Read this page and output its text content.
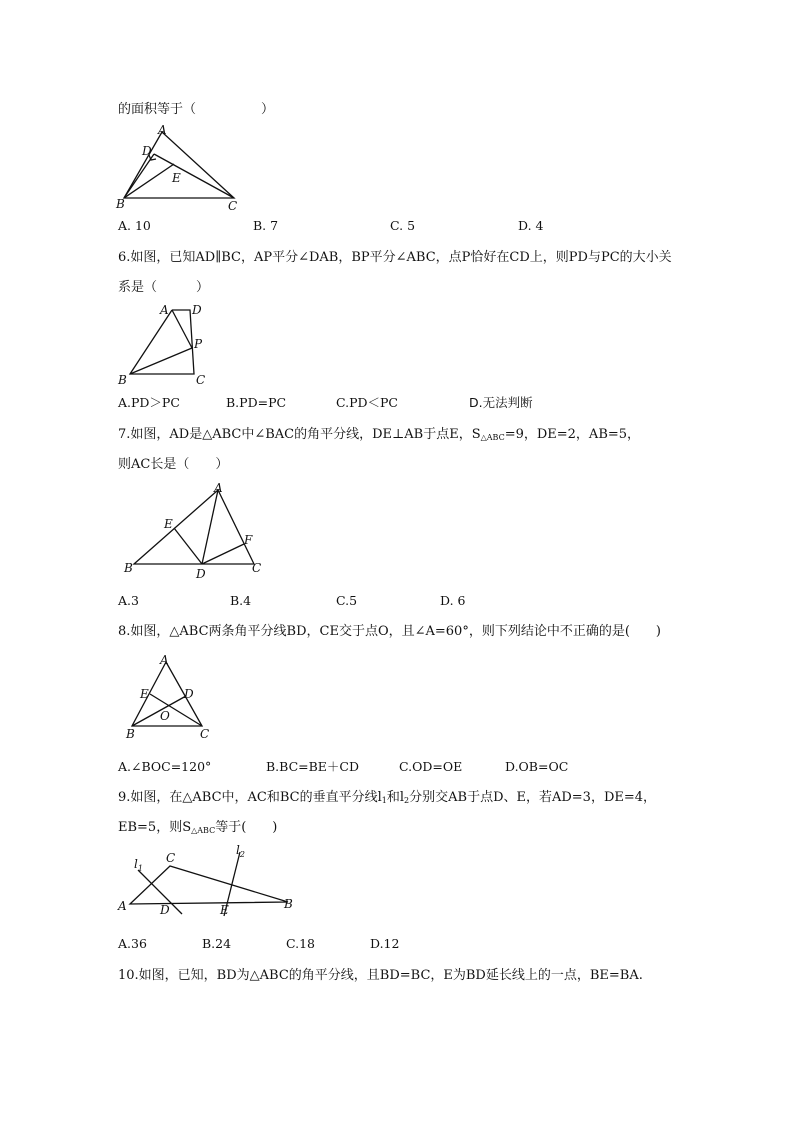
的面积等于（　　　　　）
A
B	C
D
E
A. 10	B. 7	C. 5	D. 4
6.如图，已知AD∥BC，AP平分∠DAB，BP平分∠ABC，点P恰好在CD上，则PD与PC的大小关
系是（　　　）
A D
P
B	C
A.PD＞PC	B.PD=PC	C.PD＜PC	D.无法判断
7.如图，AD是△ABC中∠BAC的角平分线，DE⊥AB于点E，$S_{\triangle ABC}=9$，DE=2，AB=5，
则AC长是（　　）
A
E
F
B	D	C
A.3	B.4	C.5	D. 6
8.如图，△ABC两条角平分线BD，CE交于点O，且∠A=60°，则下列结论中不正确的是(　　)
A
E	D
O
B	C
A.∠BOC=120°	B.BC=BE＋CD	C.OD=OE	D.OB=OC
9.如图，在△ABC中，AC和BC的垂直平分线$l_1$和$l_2$分别交AB于点D、E，若AD=3，DE=4，
EB=5，则$S_{\triangle ABC}$等于(　　)
$l_1$
$l_2$
C
A	D	E	B
A.36	B.24	C.18	D.12
10.如图，已知，BD为△ABC的角平分线，且BD=BC，E为BD延长线上的一点，BE=BA.
